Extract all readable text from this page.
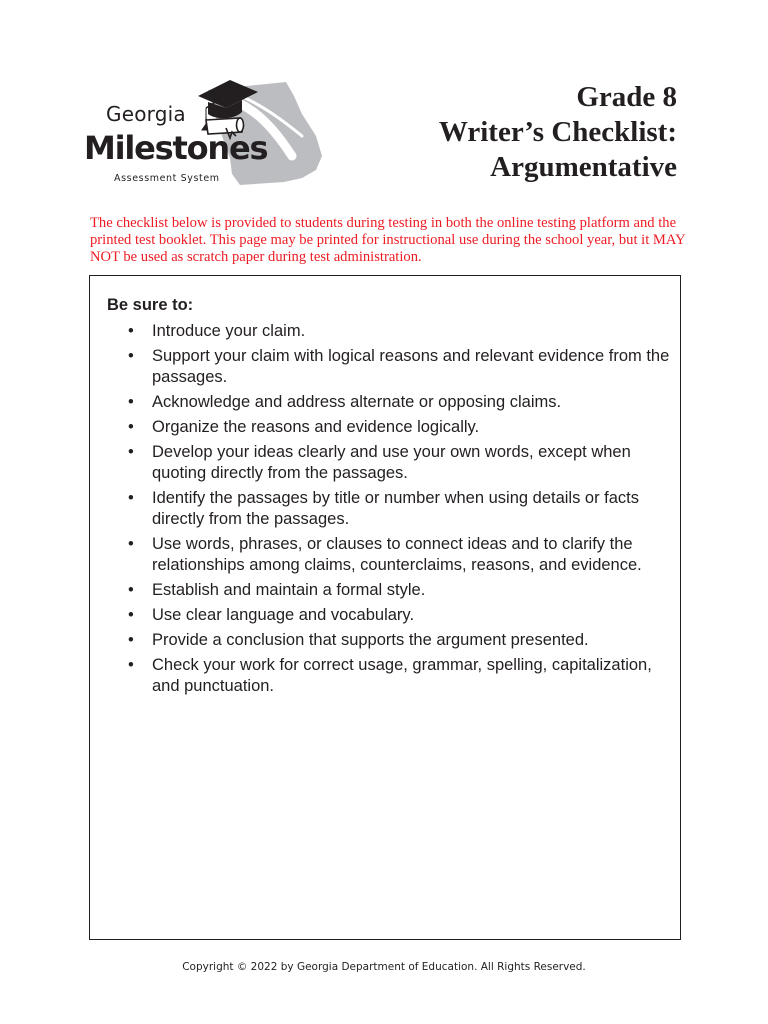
Georgia
Milestones
Assessment System
Grade 8
Writer’s Checklist:
Argumentative
The checklist below is provided to students during testing in both the online testing platform and the printed test booklet. This page may be printed for instructional use during the school year, but it MAY NOT be used as scratch paper during test administration.
Be sure to:
• Introduce your claim.
• Support your claim with logical reasons and relevant evidence from the passages.
• Acknowledge and address alternate or opposing claims.
• Organize the reasons and evidence logically.
• Develop your ideas clearly and use your own words, except when quoting directly from the passages.
• Identify the passages by title or number when using details or facts directly from the passages.
• Use words, phrases, or clauses to connect ideas and to clarify the relationships among claims, counterclaims, reasons, and evidence.
• Establish and maintain a formal style.
• Use clear language and vocabulary.
• Provide a conclusion that supports the argument presented.
• Check your work for correct usage, grammar, spelling, capitalization, and punctuation.
Copyright © 2022 by Georgia Department of Education. All Rights Reserved.
